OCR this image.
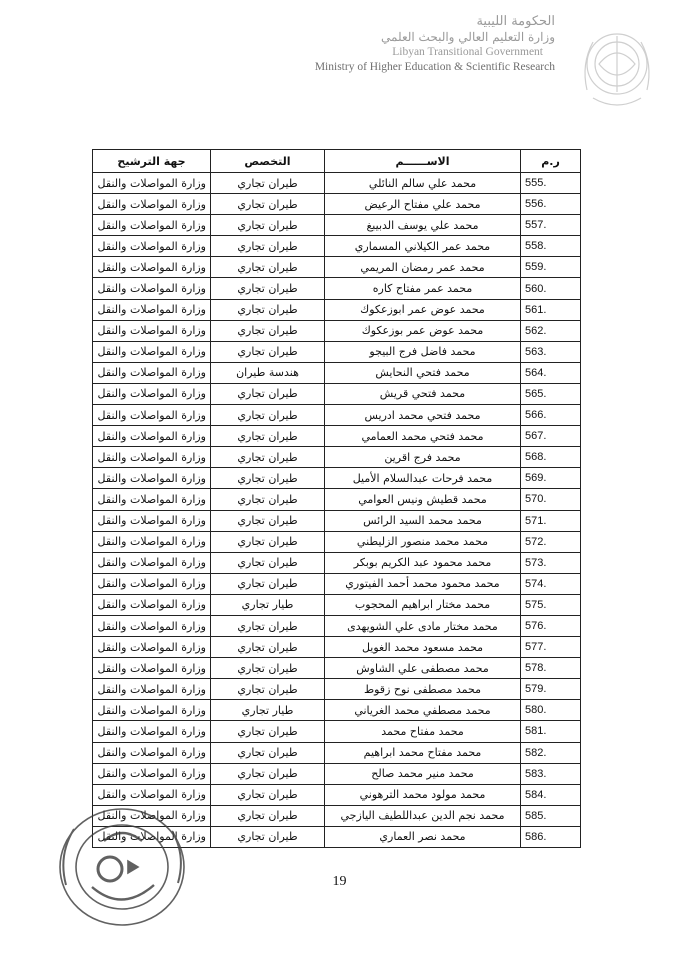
الحكومة الليبية
وزارة التعليم العالي والبحث العلمي
Libyan Transitional Government
Ministry of Higher Education & Scientific Research
ر.م	الاســــــم	التخصص	جهة الترشيح
555.	محمد علي سالم النائلي	طيران تجاري	وزارة المواصلات والنقل
556.	محمد علي مفتاح الرعيض	طيران تجاري	وزارة المواصلات والنقل
557.	محمد علي يوسف الدبيبغ	طيران تجاري	وزارة المواصلات والنقل
558.	محمد عمر الكيلاني المسماري	طيران تجاري	وزارة المواصلات والنقل
559.	محمد عمر رمضان المريمي	طيران تجاري	وزارة المواصلات والنقل
560.	محمد عمر مفتاح كاره	طيران تجاري	وزارة المواصلات والنقل
561.	محمد عوض عمر ابوزعكوك	طيران تجاري	وزارة المواصلات والنقل
562.	محمد عوض عمر بوزعكوك	طيران تجاري	وزارة المواصلات والنقل
563.	محمد فاضل فرج البيجو	طيران تجاري	وزارة المواصلات والنقل
564.	محمد فتحي النحايش	هندسة طيران	وزارة المواصلات والنقل
565.	محمد فتحي قريش	طيران تجاري	وزارة المواصلات والنقل
566.	محمد فتحي محمد ادريس	طيران تجاري	وزارة المواصلات والنقل
567.	محمد فتحي محمد العمامي	طيران تجاري	وزارة المواصلات والنقل
568.	محمد فرج اقرين	طيران تجاري	وزارة المواصلات والنقل
569.	محمد فرحات عبدالسلام الأميل	طيران تجاري	وزارة المواصلات والنقل
570.	محمد قطيش ونيس العوامي	طيران تجاري	وزارة المواصلات والنقل
571.	محمد محمد السيد الرائس	طيران تجاري	وزارة المواصلات والنقل
572.	محمد محمد منصور الزليطني	طيران تجاري	وزارة المواصلات والنقل
573.	محمد محمود عبد الكريم بوبكر	طيران تجاري	وزارة المواصلات والنقل
574.	محمد محمود محمد أحمد الفيتوري	طيران تجاري	وزارة المواصلات والنقل
575.	محمد مختار ابراهيم المحجوب	طيار تجاري	وزارة المواصلات والنقل
576.	محمد مختار مادى علي الشويهدى	طيران تجاري	وزارة المواصلات والنقل
577.	محمد مسعود محمد الغويل	طيران تجاري	وزارة المواصلات والنقل
578.	محمد مصطفى علي الشاوش	طيران تجاري	وزارة المواصلات والنقل
579.	محمد مصطفى نوح زقوط	طيران تجاري	وزارة المواصلات والنقل
580.	محمد مصطفي محمد الغرياني	طيار تجاري	وزارة المواصلات والنقل
581.	محمد مفتاح محمد	طيران تجاري	وزارة المواصلات والنقل
582.	محمد مفتاح محمد ابراهيم	طيران تجاري	وزارة المواصلات والنقل
583.	محمد منير محمد صالح	طيران تجاري	وزارة المواصلات والنقل
584.	محمد مولود محمد الترهوني	طيران تجاري	وزارة المواصلات والنقل
585.	محمد نجم الدين عبداللطيف اليازجي	طيران تجاري	وزارة المواصلات والنقل
586.	محمد نصر العماري	طيران تجاري	وزارة المواصلات والنقل
19
